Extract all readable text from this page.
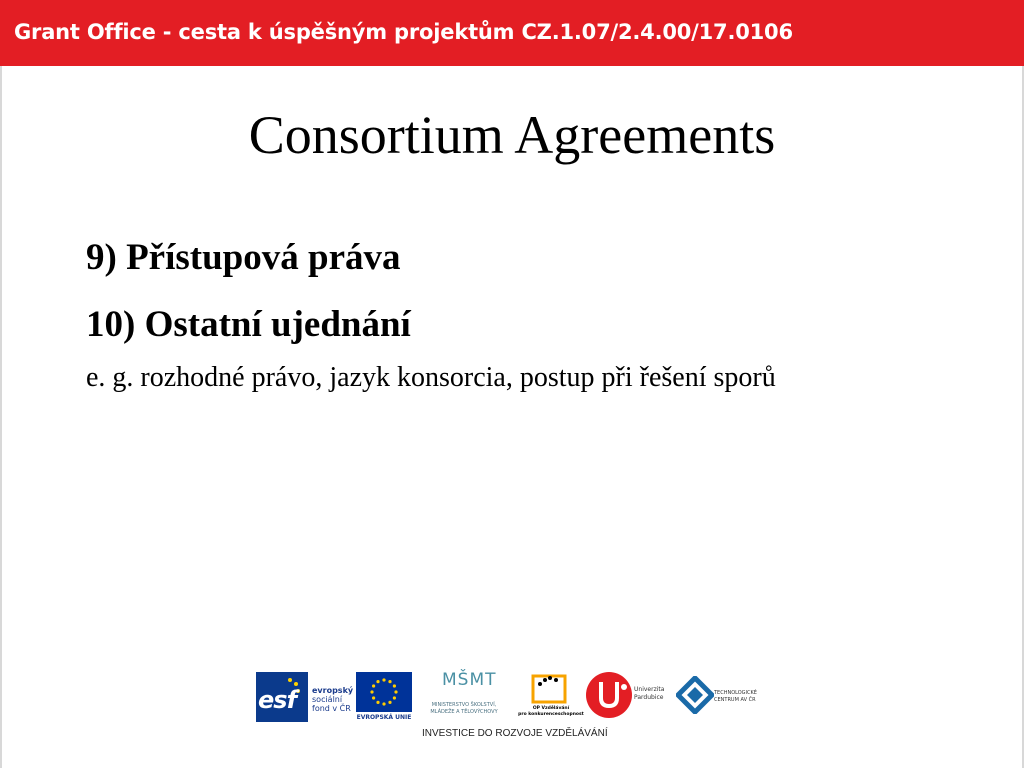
Grant Office - cesta k úspěšným projektům CZ.1.07/2.4.00/17.0106
Consortium Agreements
9) Přístupová práva
10) Ostatní ujednání
e. g. rozhodné právo, jazyk konsorcia, postup při řešení sporů
esf evropský
sociální
fond v ČR
EVROPSKÁ UNIE
MŠMT
MINISTERSTVO ŠKOLSTVÍ,
MLÁDEŽE A TĚLOVÝCHOVY
OP Vzdělávání
pro konkurenceschopnost
Univerzita
Pardubice
TECHNOLOGICKÉ
CENTRUM AV ČR
INVESTICE DO ROZVOJE VZDĚLÁVÁNÍ
